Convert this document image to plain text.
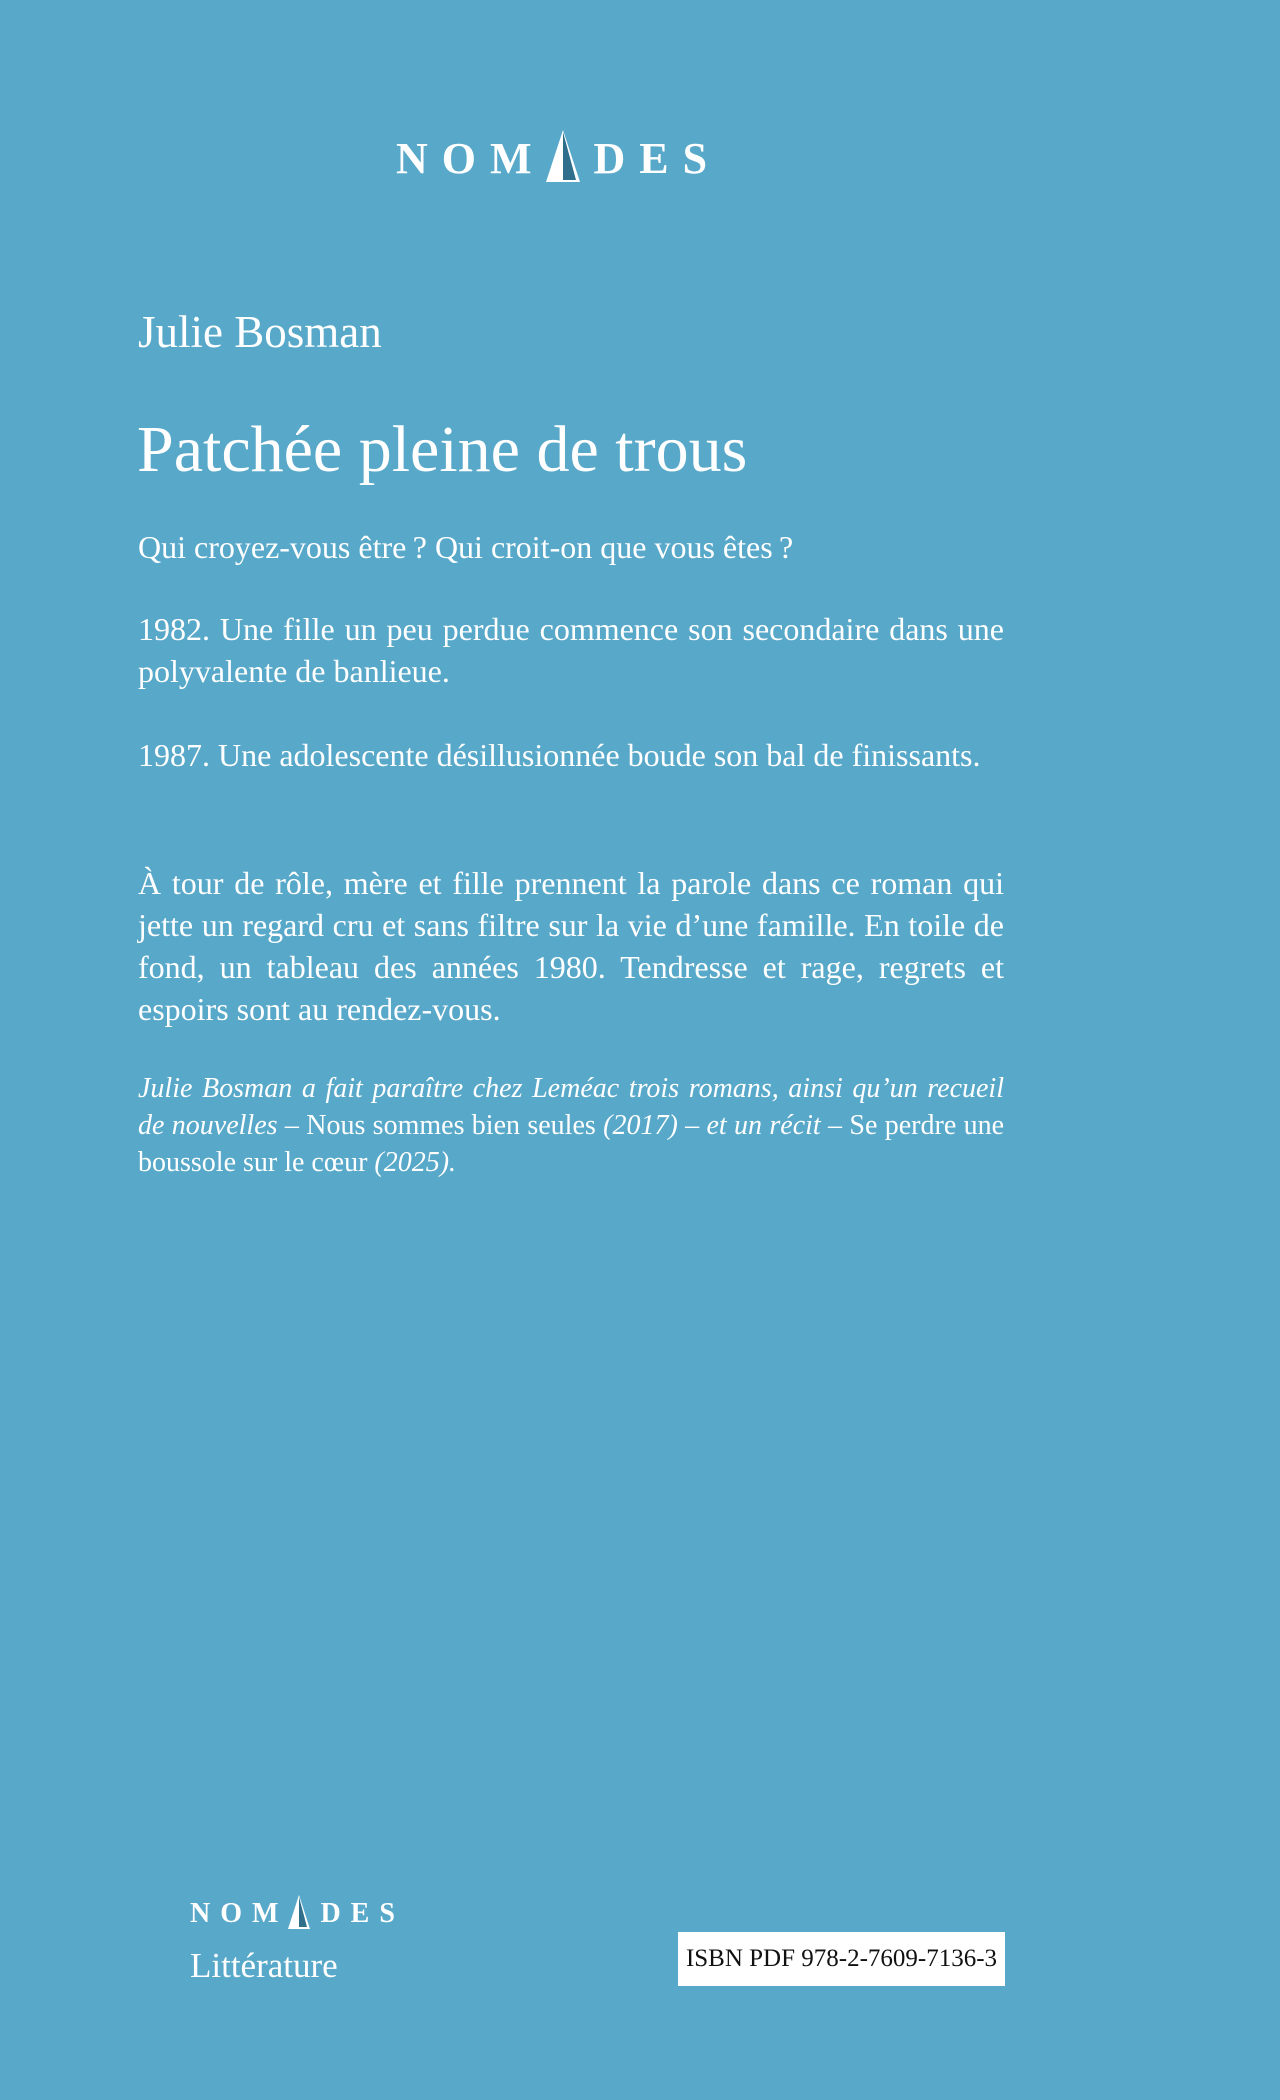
NOM DES
Julie Bosman
Patchée pleine de trous

Qui croyez-vous être ? Qui croit-on que vous êtes ?

1982. Une fille un peu perdue commence son secondaire dans une polyvalente de banlieue.

1987. Une adolescente désillusionnée boude son bal de finissants.

À tour de rôle, mère et fille prennent la parole dans ce roman qui jette un regard cru et sans filtre sur la vie d’une famille. En toile de fond, un tableau des années 1980. Tendresse et rage, regrets et espoirs sont au rendez-vous.

Julie Bosman a fait paraître chez Leméac trois romans, ainsi qu’un recueil de nouvelles – Nous sommes bien seules (2017) – et un récit – Se perdre une boussole sur le cœur (2025).

NOM DES
Littérature	ISBN PDF 978-2-7609-7136-3
